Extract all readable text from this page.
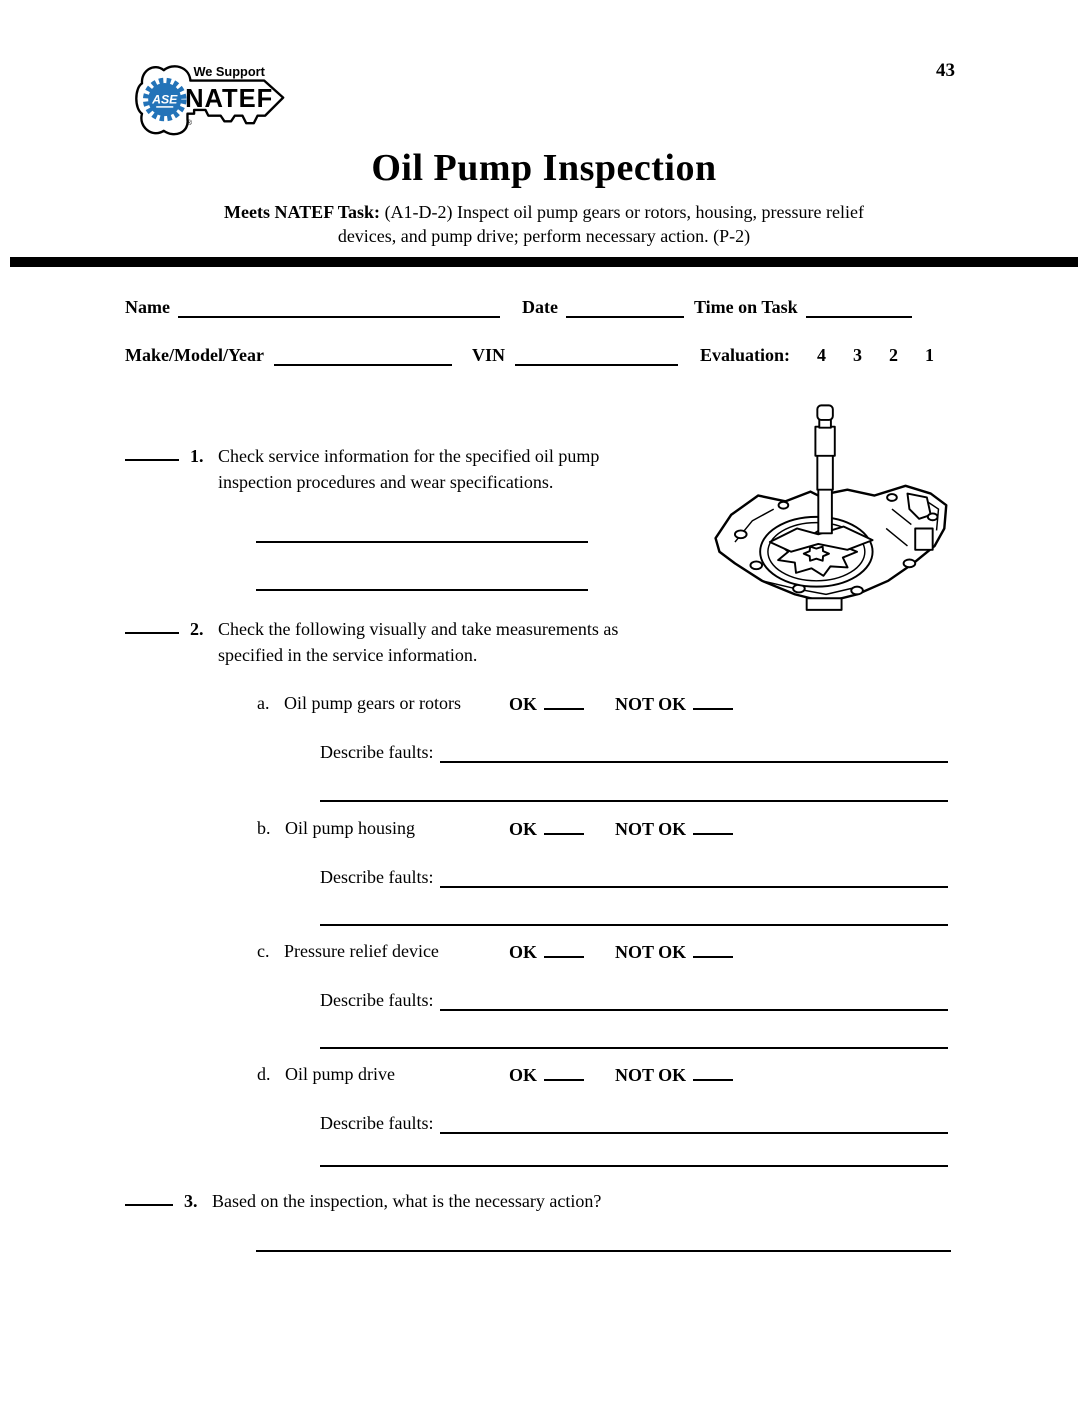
43
ASE
®
We Support
NATEF
Oil Pump Inspection
Meets NATEF Task: (A1-D-2) Inspect oil pump gears or rotors, housing, pressure relief
devices, and pump drive; perform necessary action. (P-2)
Name	Date	Time on Task
Make/Model/Year	VIN	Evaluation: 4 3 2 1
1. Check service information for the specified oil pump
inspection procedures and wear specifications.
2. Check the following visually and take measurements as
specified in the service information.
a. Oil pump gears or rotors	OK	NOT OK
Describe faults:
b. Oil pump housing	OK	NOT OK
Describe faults:
c. Pressure relief device	OK	NOT OK
Describe faults:
d. Oil pump drive	OK	NOT OK
Describe faults:
3. Based on the inspection, what is the necessary action?
